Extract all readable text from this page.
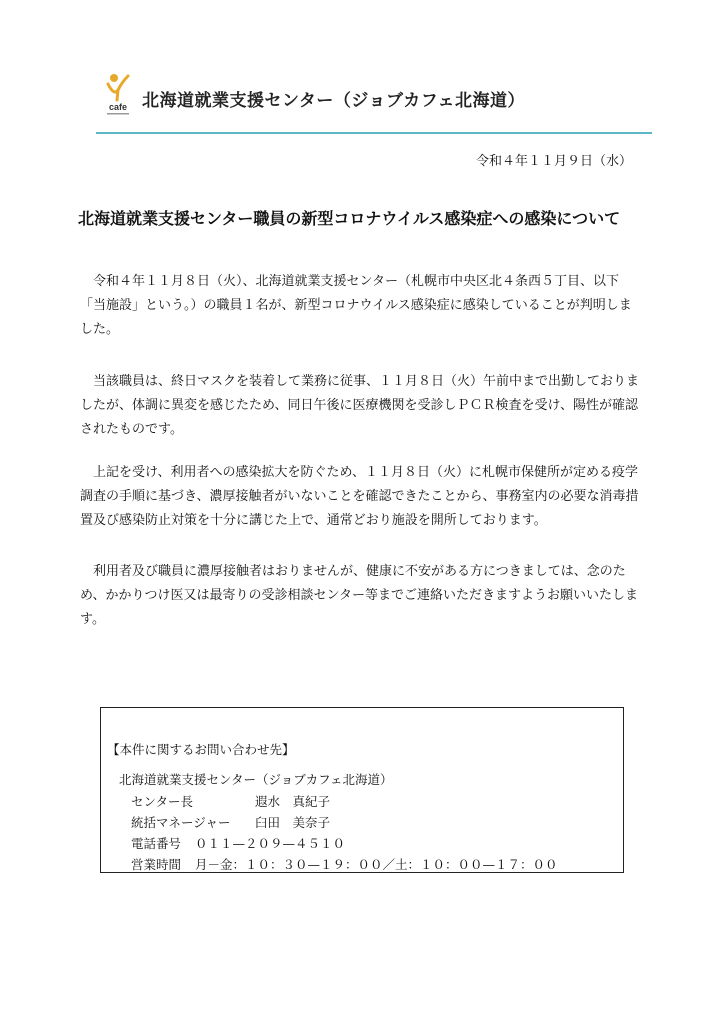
cafe 北海道就業支援センター（ジョブカフェ北海道）
令和４年１１月９日（水）
北海道就業支援センター職員の新型コロナウイルス感染症への感染について

令和４年１１月８日（火）、北海道就業支援センター（札幌市中央区北４条西５丁目、以下「当施設」という。）の職員１名が、新型コロナウイルス感染症に感染していることが判明しました。

当該職員は、終日マスクを装着して業務に従事、１１月８日（火）午前中まで出勤しておりましたが、体調に異変を感じたため、同日午後に医療機関を受診しＰＣＲ検査を受け、陽性が確認されたものです。

上記を受け、利用者への感染拡大を防ぐため、１１月８日（火）に札幌市保健所が定める疫学調査の手順に基づき、濃厚接触者がいないことを確認できたことから、事務室内の必要な消毒措置及び感染防止対策を十分に講じた上で、通常どおり施設を開所しております。

利用者及び職員に濃厚接触者はおりませんが、健康に不安がある方につきましては、念のため、かかりつけ医又は最寄りの受診相談センター等までご連絡いただきますようお願いいたします。

【本件に関するお問い合わせ先】
北海道就業支援センター（ジョブカフェ北海道）
センター長	遐水　真紀子
統括マネージャー 臼田　美奈子
電話番号 ０１１—２０９—４５１０
営業時間 月－金：１０：３０—１９：００／土：１０：００—１７：００
